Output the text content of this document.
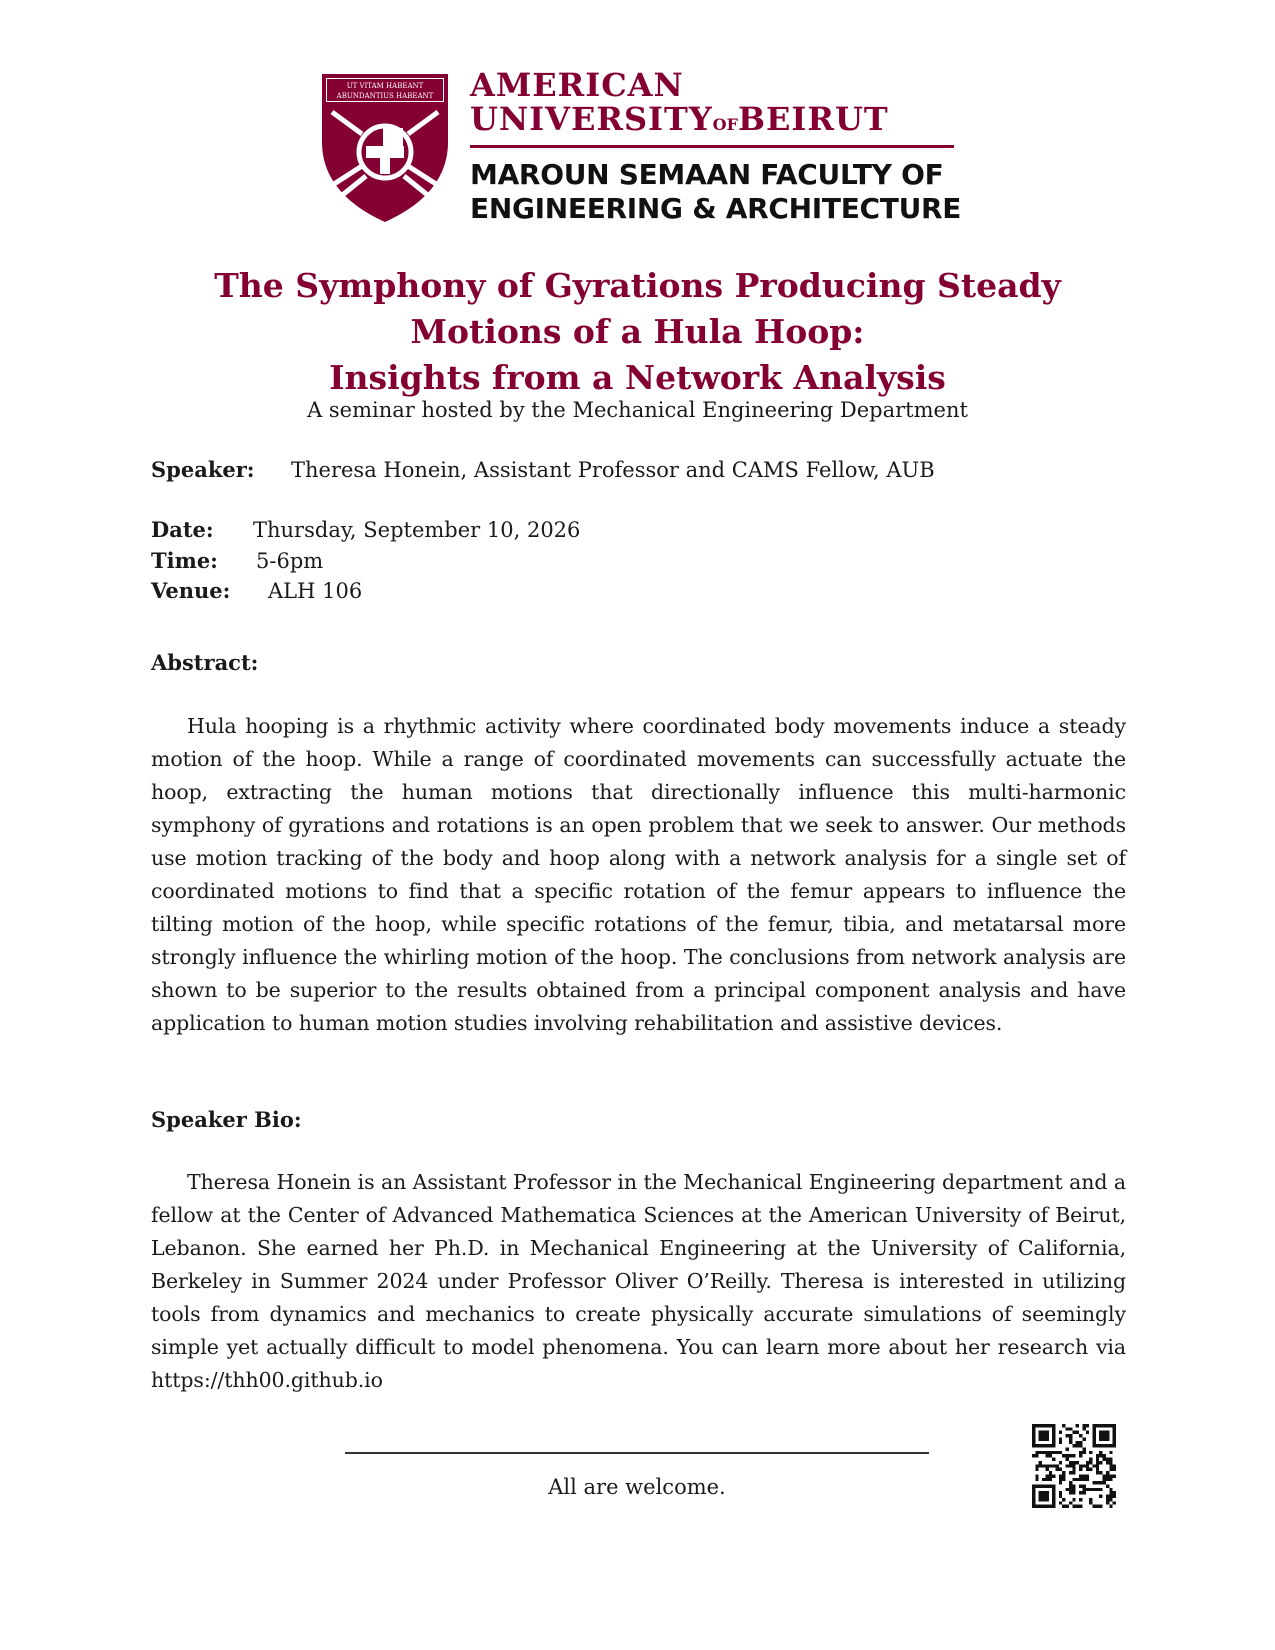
UT VITAM HABEANT
ABUNDANTIUS HABEANT AMERICAN
UNIVERSITYOFBEIRUT
MAROUN SEMAAN FACULTY OF
ENGINEERING & ARCHITECTURE
The Symphony of Gyrations Producing Steady
Motions of a Hula Hoop:
Insights from a Network Analysis
A seminar hosted by the Mechanical Engineering Department
Speaker: Theresa Honein, Assistant Professor and CAMS Fellow, AUB
Date: Thursday, September 10, 2026
Time: 5-6pm
Venue: ALH 106
Abstract:
Hula hooping is a rhythmic activity where coordinated body movements induce a steady motion of the hoop. While a range of coordinated movements can successfully actuate the hoop, extracting the human motions that directionally influence this multi-harmonic symphony of gyrations and rotations is an open problem that we seek to answer. Our methods use motion tracking of the body and hoop along with a network analysis for a single set of coordinated motions to find that a specific rotation of the femur appears to influence the tilting motion of the hoop, while specific rotations of the femur, tibia, and metatarsal more strongly influence the whirling motion of the hoop. The conclusions from network analysis are shown to be superior to the results obtained from a principal component analysis and have application to human motion studies involving rehabilitation and assistive devices.
Speaker Bio:
Theresa Honein is an Assistant Professor in the Mechanical Engineering department and a fellow at the Center of Advanced Mathematica Sciences at the American University of Beirut, Lebanon. She earned her Ph.D. in Mechanical Engineering at the University of California, Berkeley in Summer 2024 under Professor Oliver O’Reilly. Theresa is interested in utilizing tools from dynamics and mechanics to create physically accurate simulations of seemingly simple yet actually difficult to model phenomena. You can learn more about her research via https://thh00.github.io
All are welcome.
